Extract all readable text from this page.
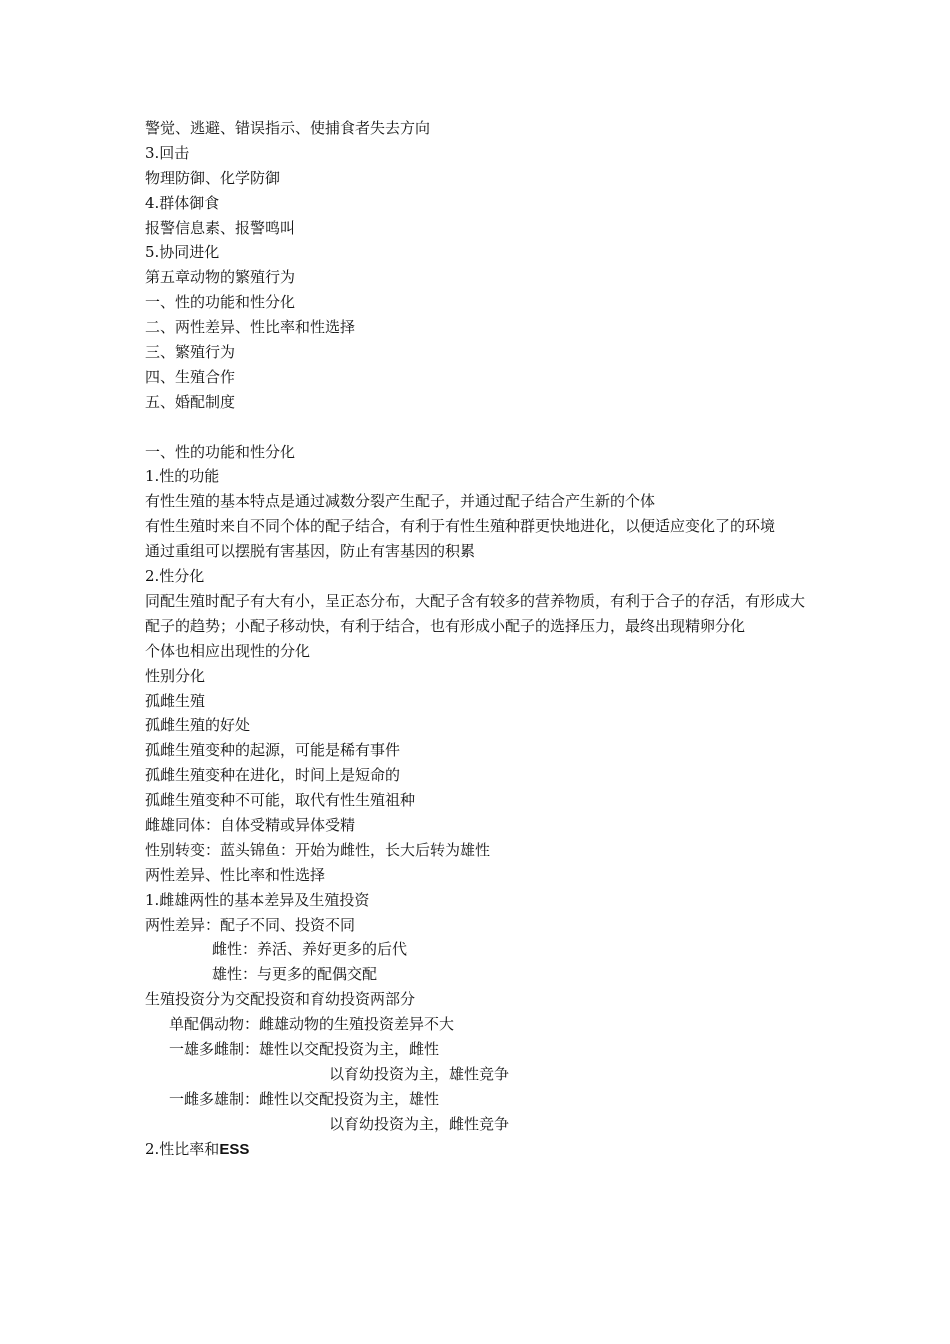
警觉、逃避、错误指示、使捕食者失去方向
3.回击
物理防御、化学防御
4.群体御食
报警信息素、报警鸣叫
5.协同进化
第五章动物的繁殖行为
一、性的功能和性分化
二、两性差异、性比率和性选择
三、繁殖行为
四、生殖合作
五、婚配制度
一、性的功能和性分化
1.性的功能
有性生殖的基本特点是通过减数分裂产生配子，并通过配子结合产生新的个体
有性生殖时来自不同个体的配子结合，有利于有性生殖种群更快地进化，以便适应变化了的环境
通过重组可以摆脱有害基因，防止有害基因的积累
2.性分化
同配生殖时配子有大有小，呈正态分布，大配子含有较多的营养物质，有利于合子的存活，有形成大配子的趋势；小配子移动快，有利于结合，也有形成小配子的选择压力，最终出现精卵分化
个体也相应出现性的分化
性别分化
孤雌生殖
孤雌生殖的好处
孤雌生殖变种的起源，可能是稀有事件
孤雌生殖变种在进化，时间上是短命的
孤雌生殖变种不可能，取代有性生殖祖种
雌雄同体：自体受精或异体受精
性别转变：蓝头锦鱼：开始为雌性，长大后转为雄性
两性差异、性比率和性选择
1.雌雄两性的基本差异及生殖投资
两性差异：配子不同、投资不同
雌性：养活、养好更多的后代
雄性：与更多的配偶交配
生殖投资分为交配投资和育幼投资两部分
单配偶动物：雌雄动物的生殖投资差异不大
一雄多雌制：雄性以交配投资为主，雌性
以育幼投资为主，雄性竞争
一雌多雄制：雌性以交配投资为主，雄性
以育幼投资为主，雌性竞争
2.性比率和ESS
